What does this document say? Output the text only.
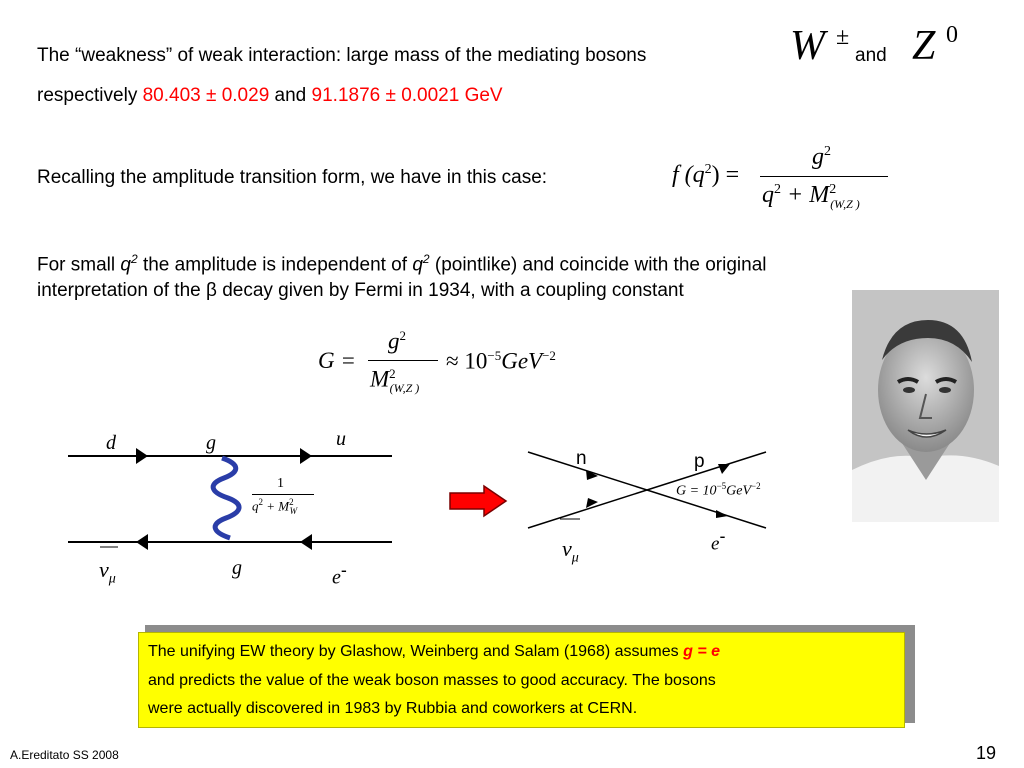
The “weakness” of weak interaction: large mass of the mediating bosons	W ±
and Z 0
respectively 80.403 ± 0.029 and 91.1876 ± 0.0021 GeV
Recalling the amplitude transition form, we have in this case:	f $(q^2)$ =
$g^2$
$q^2 + M^2_{(W,Z )}$
For small $q^2$ the amplitude is independent of $q^2$ (pointlike) and coincide with the original
interpretation of the β decay given by Fermi in 1934, with a coupling constant
G =
$g^2$
$M^2_{(W,Z )}$
≈ $10^{-5}GeV^{-2}$
d	g	u
g
$\nu_\mu$	e-
1
$q^2 + M^2_W$
n	p
e-
$\nu_\mu$
$G = 10^{-5}GeV^{-2}$
The unifying EW theory by Glashow, Weinberg and Salam (1968) assumes g = e
and predicts the value of the weak boson masses to good accuracy. The bosons
were actually discovered in 1983 by Rubbia and coworkers at CERN.
A.Ereditato SS 2008	19
